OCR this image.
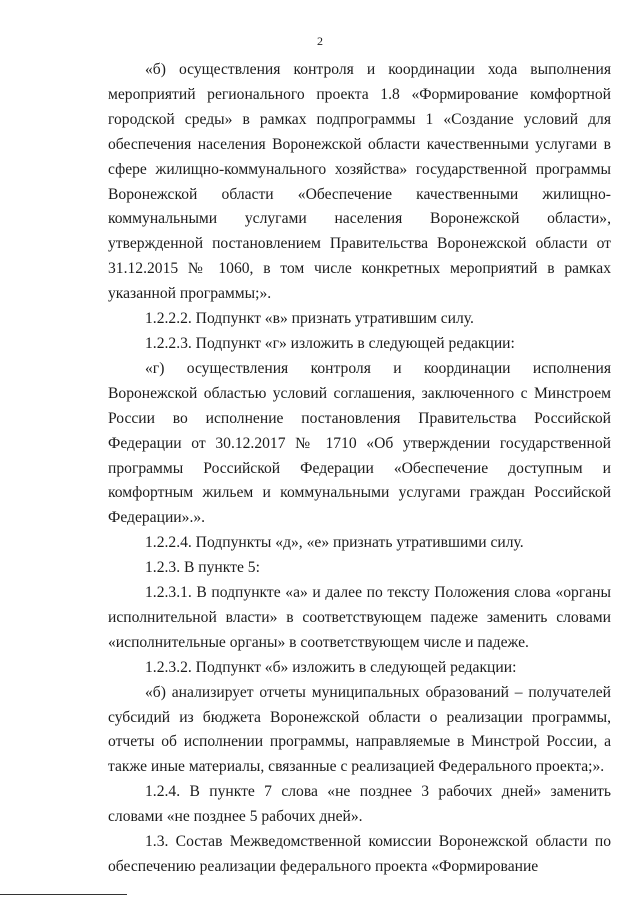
2

«б) осуществления контроля и координации хода выполнения мероприятий регионального проекта 1.8 «Формирование комфортной городской среды» в рамках подпрограммы 1 «Создание условий для обеспечения населения Воронежской области качественными услугами в сфере жилищно-коммунального хозяйства» государственной программы Воронежской области «Обеспечение качественными жилищно-коммунальными услугами населения Воронежской области», утвержденной постановлением Правительства Воронежской области от 31.12.2015 № 1060, в том числе конкретных мероприятий в рамках указанной программы;».

1.2.2.2. Подпункт «в» признать утратившим силу.

1.2.2.3. Подпункт «г» изложить в следующей редакции:

«г) осуществления контроля и координации исполнения Воронежской областью условий соглашения, заключенного с Минстроем России во исполнение постановления Правительства Российской Федерации от 30.12.2017 № 1710 «Об утверждении государственной программы Российской Федерации «Обеспечение доступным и комфортным жильем и коммунальными услугами граждан Российской Федерации».».

1.2.2.4. Подпункты «д», «е» признать утратившими силу.

1.2.3. В пункте 5:

1.2.3.1. В подпункте «а» и далее по тексту Положения слова «органы исполнительной власти» в соответствующем падеже заменить словами «исполнительные органы» в соответствующем числе и падеже.

1.2.3.2. Подпункт «б» изложить в следующей редакции:

«б) анализирует отчеты муниципальных образований – получателей субсидий из бюджета Воронежской области о реализации программы, отчеты об исполнении программы, направляемые в Минстрой России, а также иные материалы, связанные с реализацией Федерального проекта;».

1.2.4. В пункте 7 слова «не позднее 3 рабочих дней» заменить словами «не позднее 5 рабочих дней».

1.3. Состав Межведомственной комиссии Воронежской области по обеспечению реализации федерального проекта «Формирование
